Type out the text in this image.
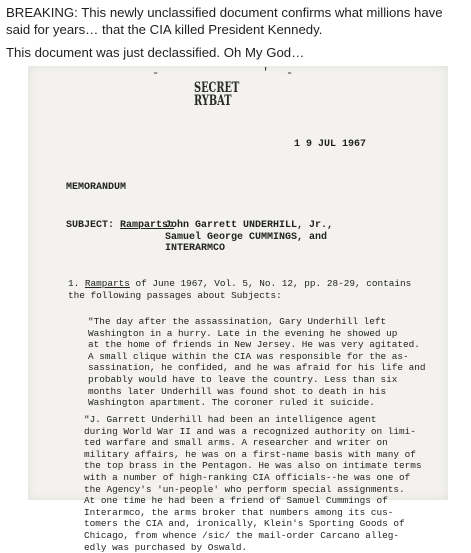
BREAKING: This newly unclassified document confirms what millions have said for years… that the CIA killed President Kennedy.

This document was just declassified. Oh My God…

-	' -
SECRET
RYBAT
1 9 JUL 1967
MEMORANDUM
SUBJECT: Ramparts:
John Garrett UNDERHILL, Jr.,
Samuel George CUMMINGS, and
INTERARMCO
1. Ramparts of June 1967, Vol. 5, No. 12, pp. 28-29, contains
the following passages about Subjects:
"The day after the assassination, Gary Underhill left
Washington in a hurry. Late in the evening he showed up
at the home of friends in New Jersey. He was very agitated.
A small clique within the CIA was responsible for the as-
sassination, he confided, and he was afraid for his life and
probably would have to leave the country. Less than six
months later Underhill was found shot to death in his
Washington apartment. The coroner ruled it suicide.
"J. Garrett Underhill had been an intelligence agent
during World War II and was a recognized authority on limi-
ted warfare and small arms. A researcher and writer on
military affairs, he was on a first-name basis with many of
the top brass in the Pentagon. He was also on intimate terms
with a number of high-ranking CIA officials--he was one of
the Agency's 'un-people' who perform special assignments.
At one time he had been a friend of Samuel Cummings of
Interarmco, the arms broker that numbers among its cus-
tomers the CIA and, ironically, Klein's Sporting Goods of
Chicago, from whence /sic/ the mail-order Carcano alleg-
edly was purchased by Oswald.
